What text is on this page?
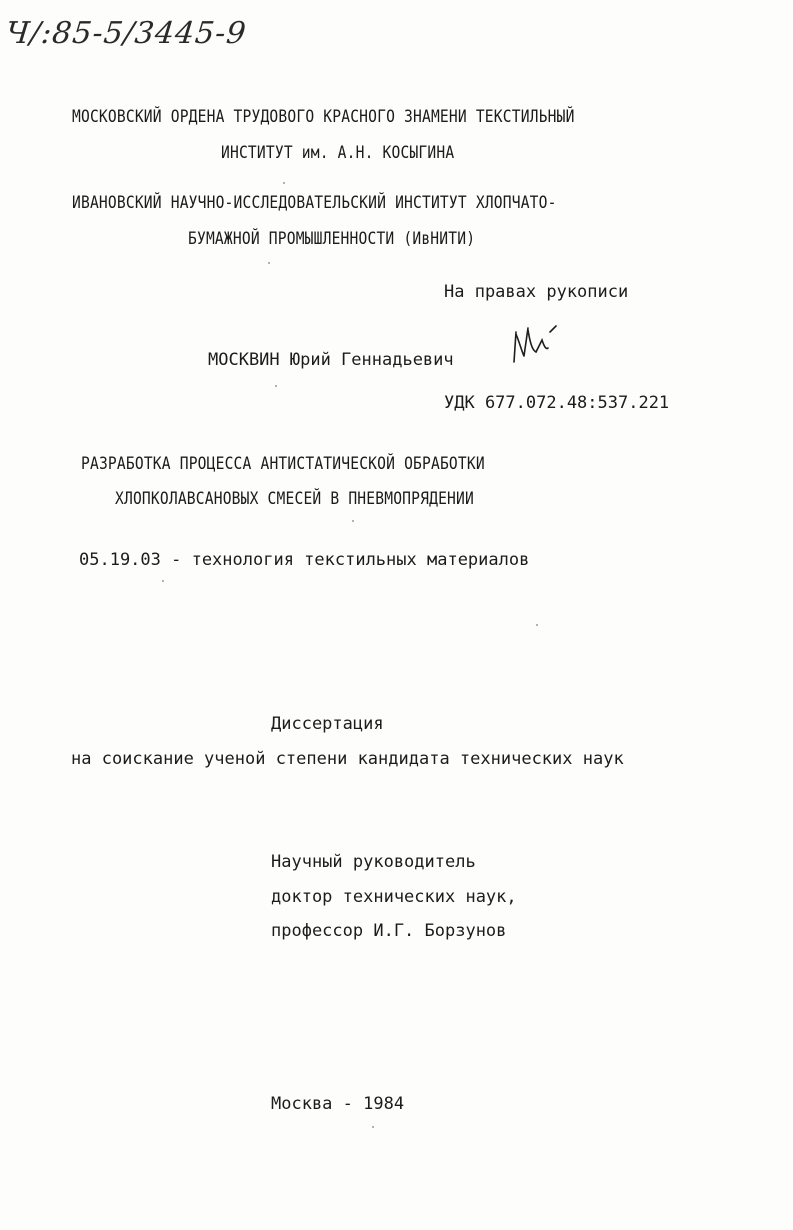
Ч/:85-5/3445-9
МОСКОВСКИЙ ОРДЕНА ТРУДОВОГО КРАСНОГО ЗНАМЕНИ ТЕКСТИЛЬНЫЙ
ИНСТИТУТ им. А.Н. КОСЫГИНА
ИВАНОВСКИЙ НАУЧНО-ИССЛЕДОВАТЕЛЬСКИЙ ИНСТИТУТ ХЛОПЧАТО-
БУМАЖНОЙ ПРОМЫШЛЕННОСТИ (ИвНИТИ)
На правах рукописи
МОСКВИН Юрий Геннадьевич
УДК 677.072.48:537.221
РАЗРАБОТКА ПРОЦЕССА АНТИСТАТИЧЕСКОЙ ОБРАБОТКИ
ХЛОПКОЛАВСАНОВЫХ СМЕСЕЙ В ПНЕВМОПРЯДЕНИИ
05.19.03 - технология текстильных материалов
Диссертация
на соискание ученой степени кандидата технических наук
Научный руководитель
доктор технических наук,
профессор И.Г. Борзунов
Москва - 1984
